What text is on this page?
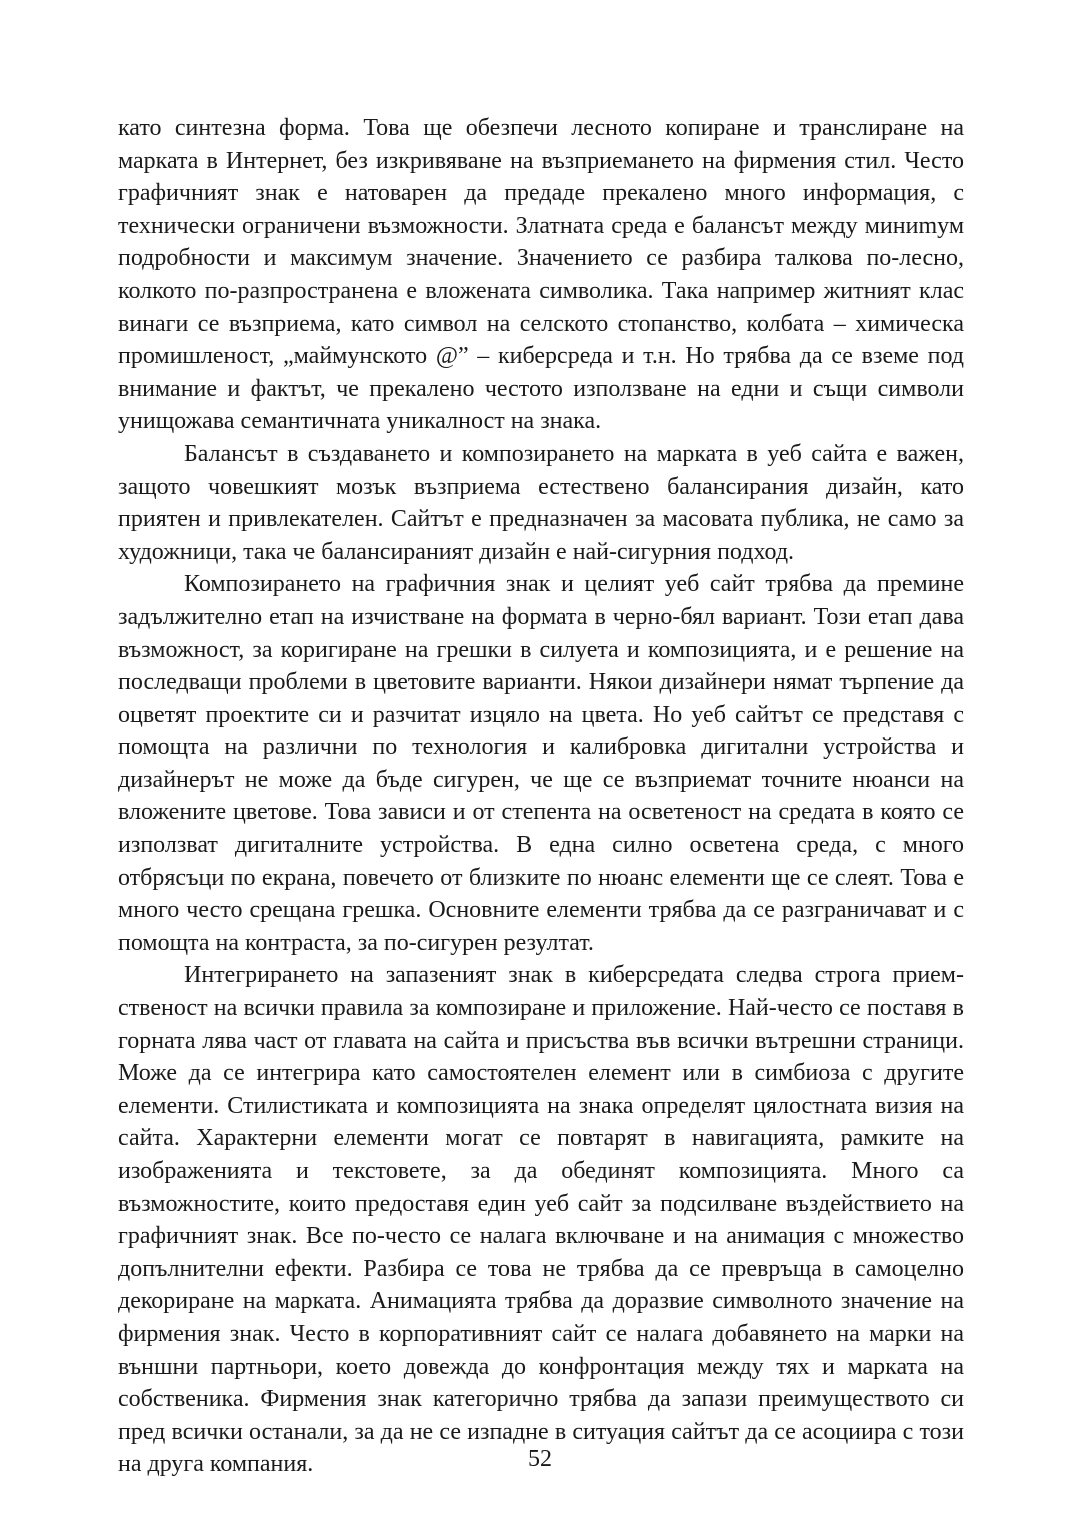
като синтезна форма. Това ще обезпечи лесното копиране и транслиране на марката в Интернет, без изкривяване на възприемането на фирмения стил. Често графичният знак е натоварен да предаде прекалено много информация, с технически ограничени възможности. Златната среда е балансът между миниmум подробности и максимум значение. Значението се разбира талкова по-лесно, колкото по-разпространена е вложената символика. Така например житният клас винаги се възприема, като символ на селското стопанство, колбата – химическа промишленост, „маймунското @” – киберсреда и т.н. Но трябва да се вземе под внимание и фактът, че прекалено честото използване на едни и същи символи унищожава семантичната уникалност на знака.

Балансът в създаването и композирането на марката в уеб сайта е важен, защото човешкият мозък възприема естествено балансирания дизайн, като приятен и привлекателен. Сайтът е предназначен за масовата публика, не само за художници, така че балансираният дизайн е най-сигурния подход.

Композирането на графичния знак и целият уеб сайт трябва да премине задължително етап на изчистване на формата в черно-бял вариант. Този етап дава възможност, за коригиране на грешки в силуета и композицията, и е решение на последващи проблеми в цветовите варианти. Някои дизайнери нямат търпение да оцветят проектите си и разчитат изцяло на цвета. Но уеб сайтът се представя с помощта на различни по технология и калибровка дигитални устройства и дизайнерът не може да бъде сигурен, че ще се възприемат точните нюанси на вложените цветове. Това зависи и от степента на осветеност на средата в която се използват дигиталните устройства. В една силно осветена среда, с много отбрясъци по екрана, повечето от близките по нюанс елементи ще се слеят. Това е много често срещана грешка. Основните елементи трябва да се разграничават и с помощта на контраста, за по-сигурен резултат.

Интегрирането на запазеният знак в киберсредата следва строга приемственост на всички правила за композиране и приложение. Най-често се поставя в горната лява част от главата на сайта и присъства във всички вътрешни страници. Може да се интегрира като самостоятелен елемент или в симбиоза с другите елементи. Стилистиката и композицията на знака определят цялостната визия на сайта. Характерни елементи могат се повтарят в навигацията, рамките на изображенията и текстовете, за да обединят композицията. Много са възможностите, които предоставя един уеб сайт за подсилване въздействието на графичният знак. Все по-често се налага включване и на анимация с множество допълнителни ефекти. Разбира се това не трябва да се превръща в самоцелно декориране на марката. Анимацията трябва да доразвие символното значение на фирмения знак. Често в корпоративният сайт се налага добавянето на марки на външни партньори, което довежда до конфронтация между тях и марката на собственика. Фирмения знак категорично трябва да запази преимуществото си пред всички останали, за да не се изпадне в ситуация сайтът да се асоциира с този на друга компания.	52
